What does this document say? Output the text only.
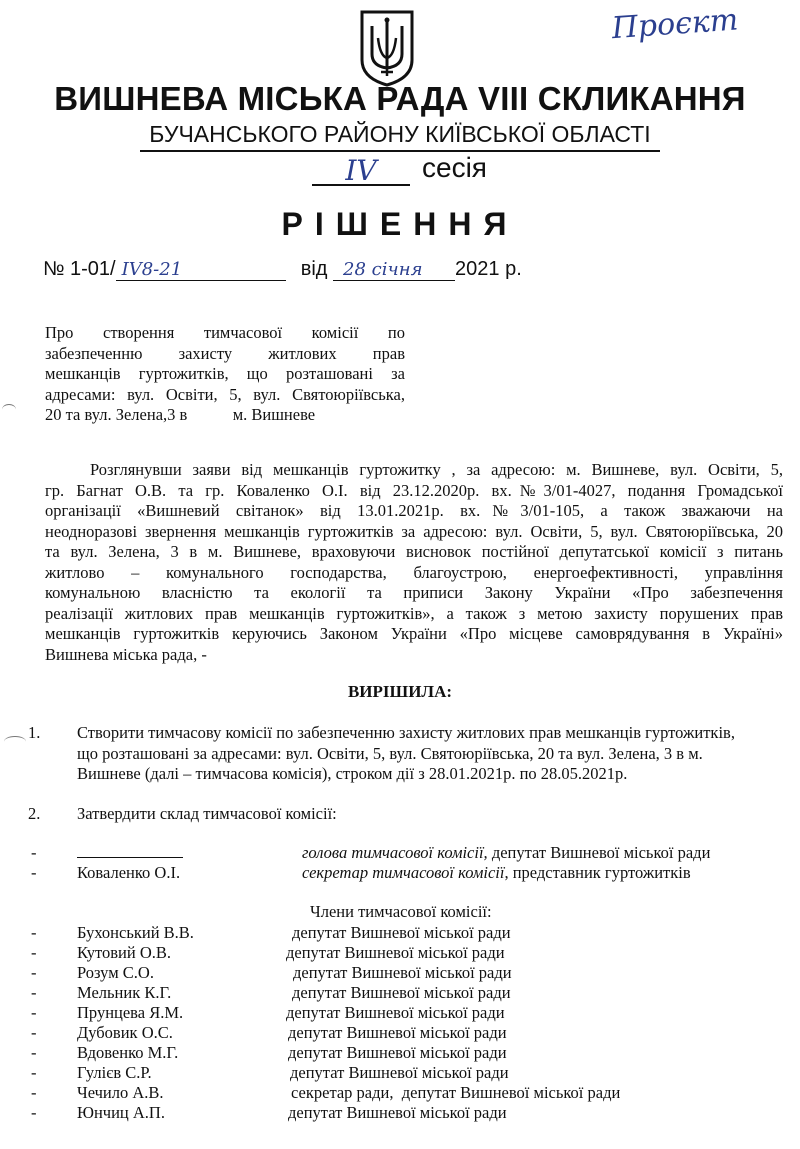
Проєкт
ВИШНЕВА МІСЬКА РАДА VIII СКЛИКАННЯ
БУЧАНСЬКОГО РАЙОНУ КИЇВСЬКОЇ ОБЛАСТІ
IV	сесія
РІШЕННЯ
№ 1-01/ IV8-21	від 28 січня 2021 р.
Про створення тимчасової комісії по
забезпеченню захисту житлових прав
мешканців гуртожитків, що розташовані за
адресами: вул. Освіти, 5, вул. Святоюріївська,
20 та вул. Зелена,3 в           м. Вишневе
Розглянувши заяви від мешканців гуртожитку , за адресою: м. Вишневе, вул. Освіти, 5,
гр. Багнат О.В. та гр. Коваленко О.І. від 23.12.2020р. вх.№3/01-4027, подання Громадської
організації «Вишневий світанок» від 13.01.2021р. вх.№3/01-105, а також зважаючи на
неодноразові звернення мешканців гуртожитків за адресою: вул. Освіти, 5, вул. Святоюріївська, 20
та вул. Зелена, 3 в м. Вишневе, враховуючи висновок постійної депутатської комісії з питань
житлово – комунального господарства, благоустрою, енергоефективності, управління
комунальною власністю та екології та приписи Закону України «Про забезпечення
реалізації житлових прав мешканців гуртожитків», а також з метою захисту порушених прав
мешканців гуртожитків керуючись Законом України «Про місцеве самоврядування в Україні»
Вишнева міська рада, -
ВИРІШИЛА:
1. Створити тимчасову комісії по забезпеченню захисту житлових прав мешканців гуртожитків,
що розташовані за адресами: вул. Освіти, 5, вул. Святоюріївська, 20 та вул. Зелена, 3 в м.
Вишневе (далі – тимчасова комісія), строком дії з 28.01.2021р. по 28.05.2021р.
2. Затвердити склад тимчасової комісії:
-	голова тимчасової комісії, депутат Вишневої міської ради
- Коваленко О.І.	секретар тимчасової комісії, представник гуртожитків
Члени тимчасової комісії:
- Бухонський В.В.	депутат Вишневої міської ради
- Кутовий О.В.	депутат Вишневої міської ради
- Розум С.О.	депутат Вишневої міської ради
- Мельник К.Г.	депутат Вишневої міської ради
- Прунцева Я.М.	депутат Вишневої міської ради
- Дубовик О.С.	депутат Вишневої міської ради
- Вдовенко М.Г.	депутат Вишневої міської ради
- Гулієв С.Р.	депутат Вишневої міської ради
- Чечило А.В.	секретар ради,  депутат Вишневої міської ради
- Юнчиц А.П.	депутат Вишневої міської ради
